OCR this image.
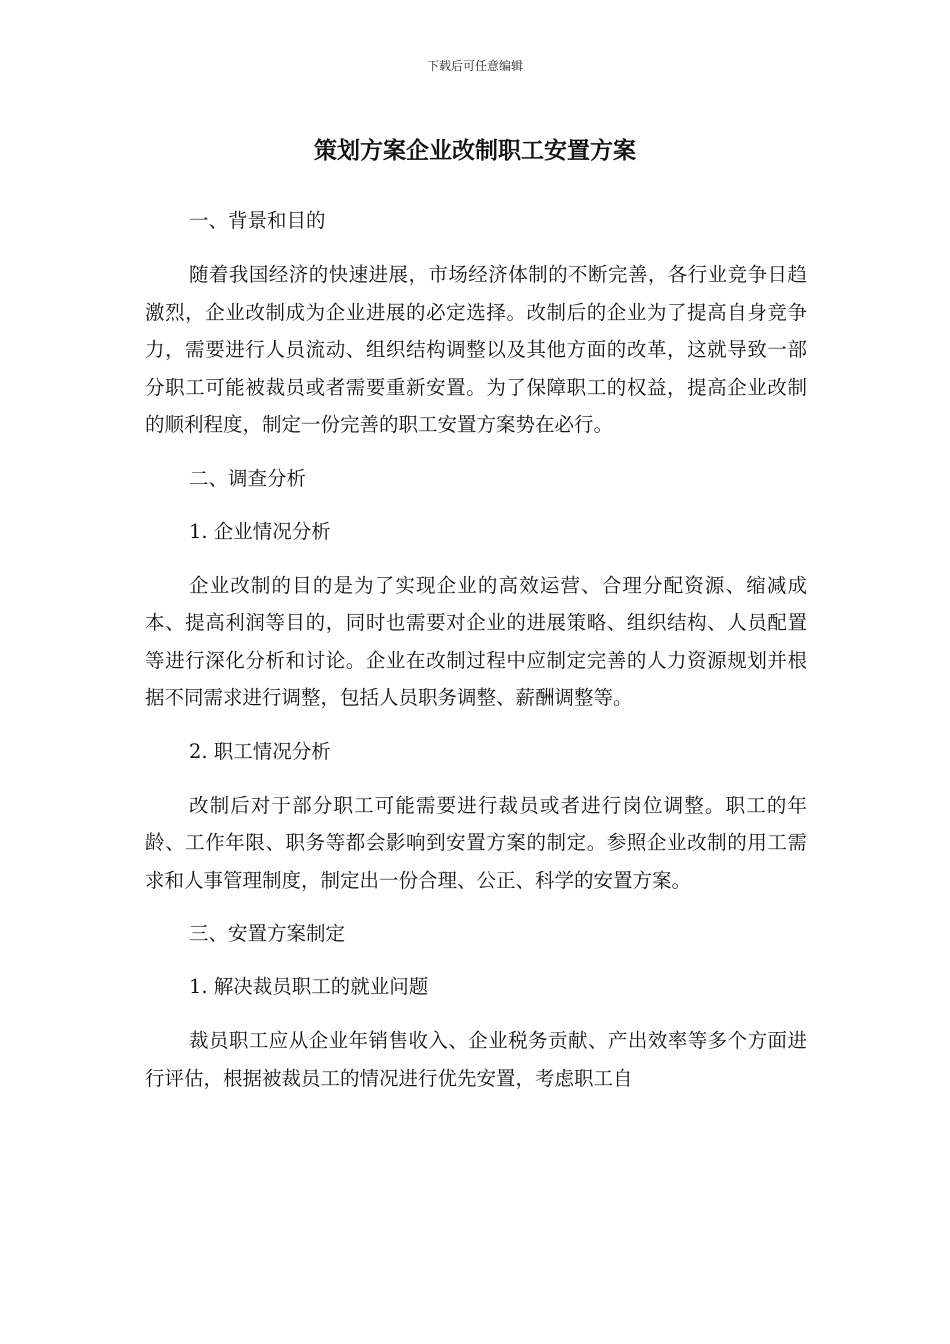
下载后可任意编辑
策划方案企业改制职工安置方案

一、背景和目的

随着我国经济的快速进展，市场经济体制的不断完善，各行业竞争日趋激烈，企业改制成为企业进展的必定选择。改制后的企业为了提高自身竞争力，需要进行人员流动、组织结构调整以及其他方面的改革，这就导致一部分职工可能被裁员或者需要重新安置。为了保障职工的权益，提高企业改制的顺利程度，制定一份完善的职工安置方案势在必行。

二、调查分析

1. 企业情况分析

企业改制的目的是为了实现企业的高效运营、合理分配资源、缩减成本、提高利润等目的，同时也需要对企业的进展策略、组织结构、人员配置等进行深化分析和讨论。企业在改制过程中应制定完善的人力资源规划并根据不同需求进行调整，包括人员职务调整、薪酬调整等。

2. 职工情况分析

改制后对于部分职工可能需要进行裁员或者进行岗位调整。职工的年龄、工作年限、职务等都会影响到安置方案的制定。参照企业改制的用工需求和人事管理制度，制定出一份合理、公正、科学的安置方案。

三、安置方案制定

1. 解决裁员职工的就业问题

裁员职工应从企业年销售收入、企业税务贡献、产出效率等多个方面进行评估，根据被裁员工的情况进行优先安置，考虑职工自
